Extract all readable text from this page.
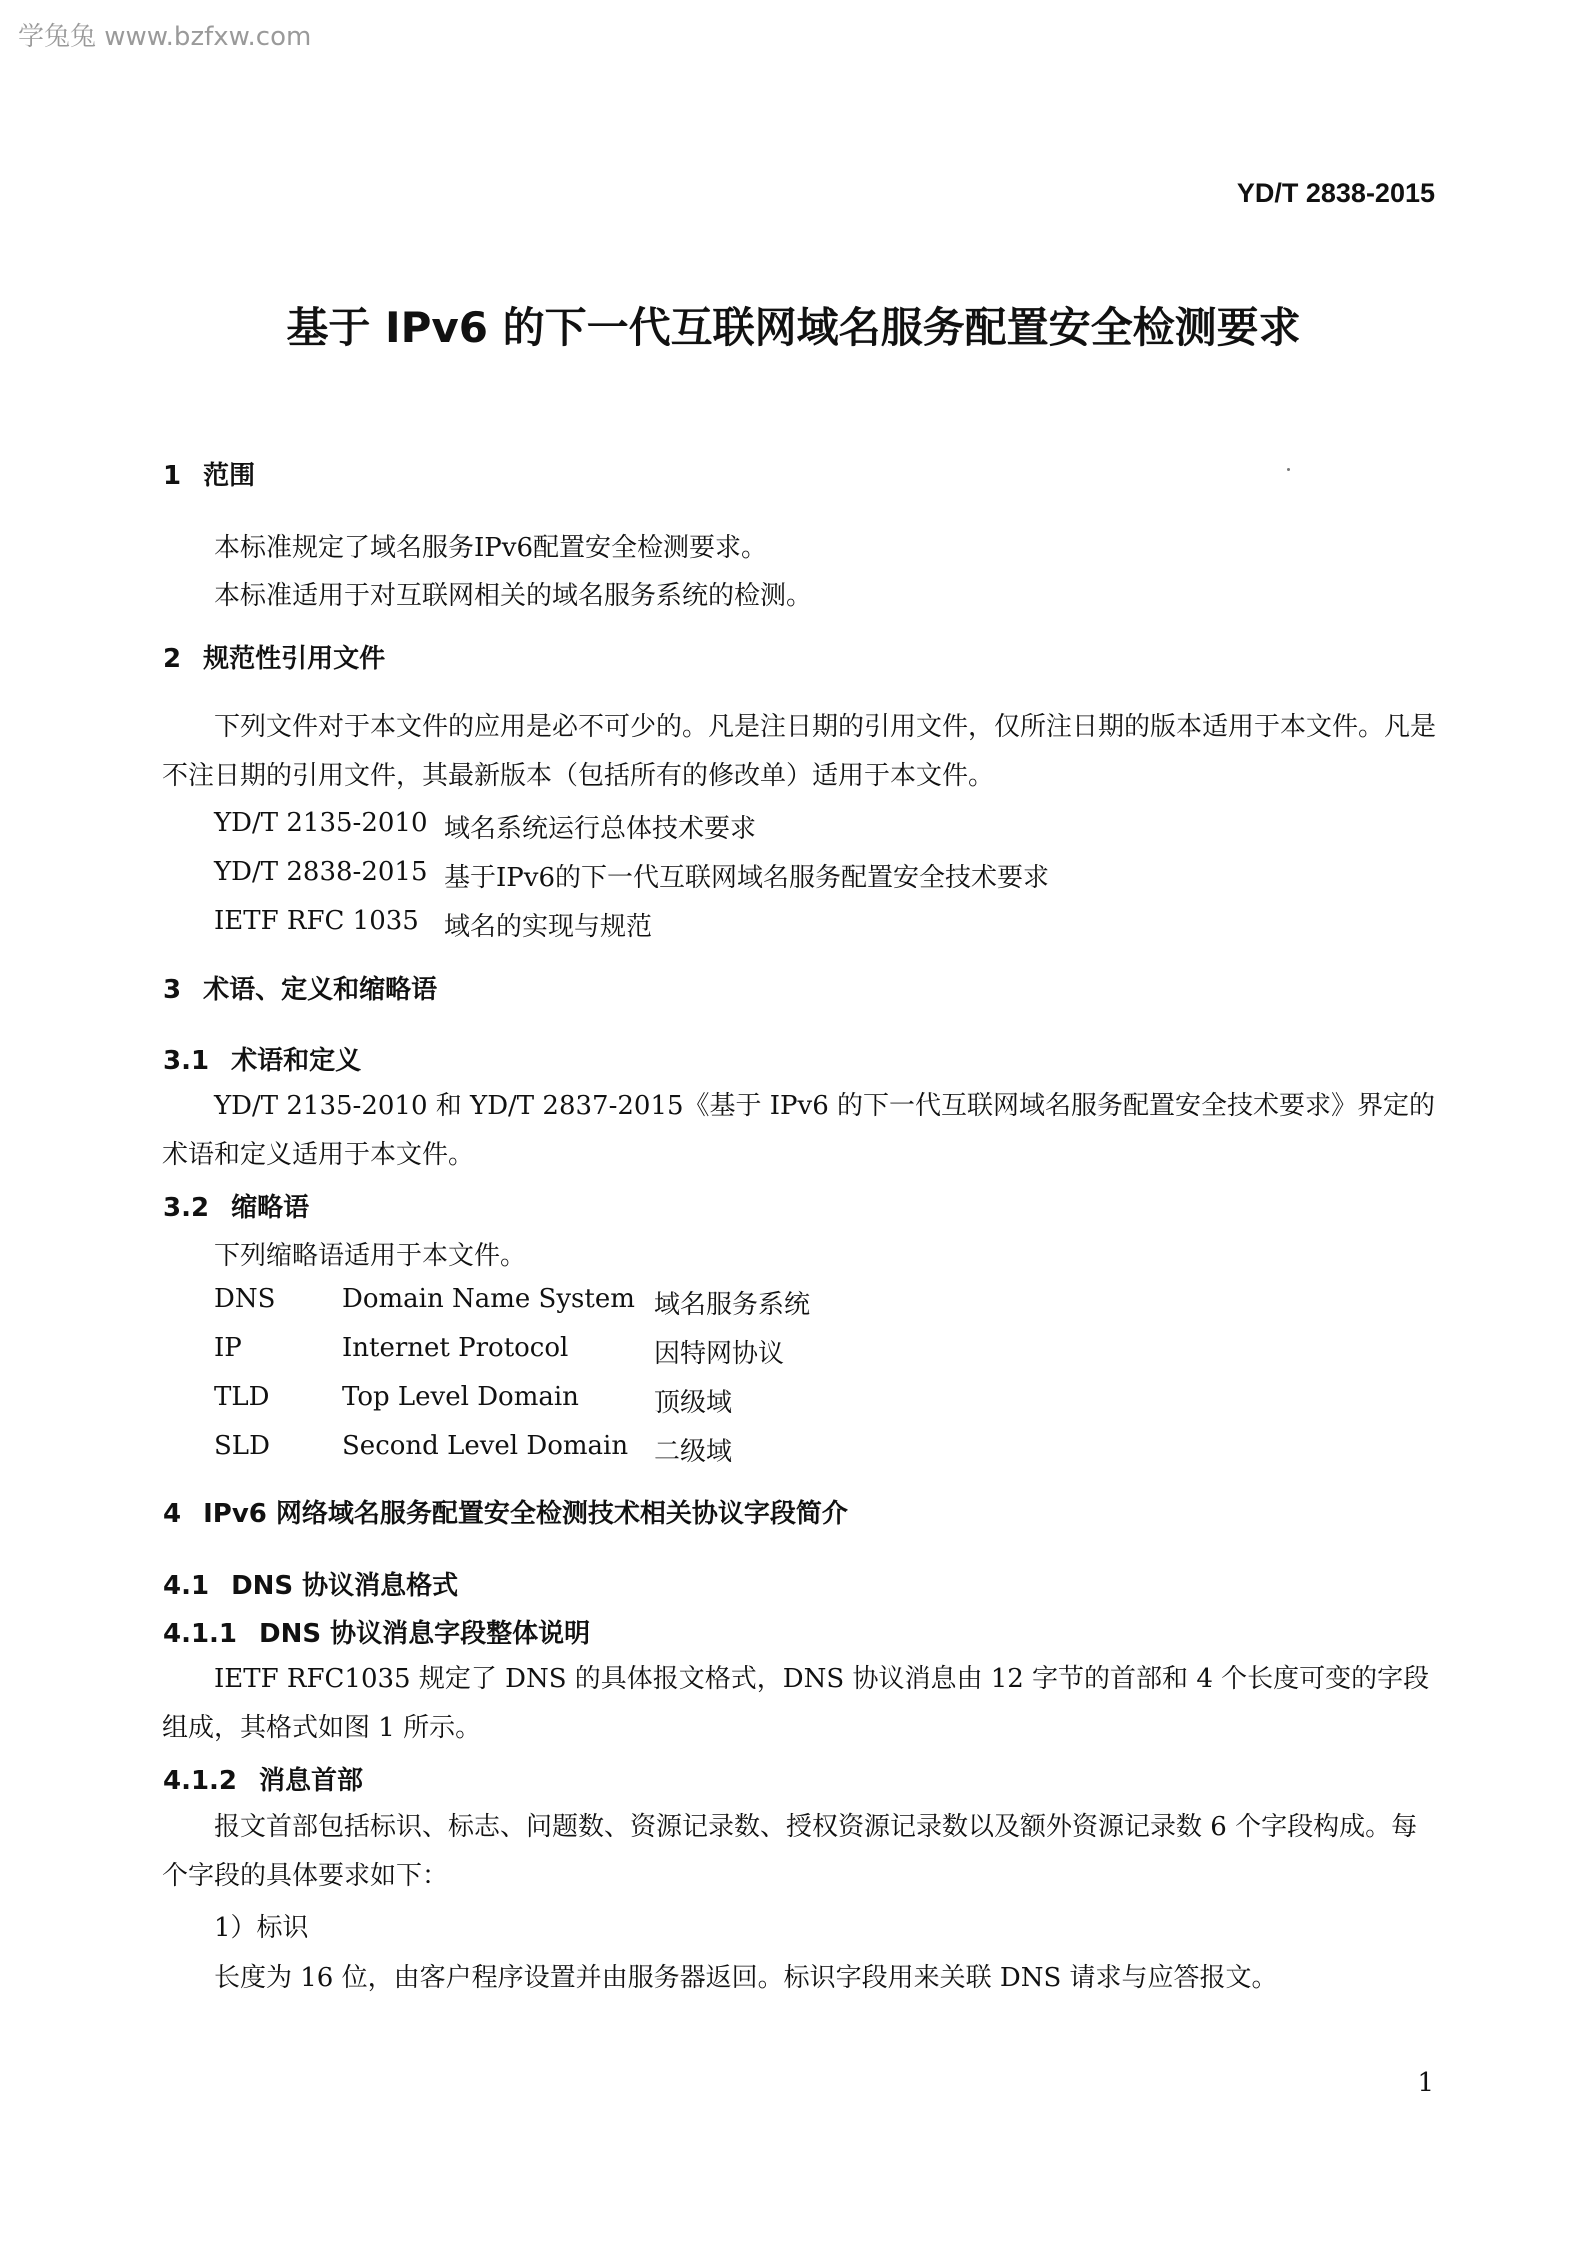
学兔兔 www.bzfxw.com
YD/T 2838-2015
基于 IPv6 的下一代互联网域名服务配置安全检测要求
1 范围
本标准规定了域名服务IPv6配置安全检测要求。
本标准适用于对互联网相关的域名服务系统的检测。
2 规范性引用文件
下列文件对于本文件的应用是必不可少的。凡是注日期的引用文件，仅所注日期的版本适用于本文件。凡是不注日期的引用文件，其最新版本（包括所有的修改单）适用于本文件。
YD/T 2135-2010 域名系统运行总体技术要求
YD/T 2838-2015 基于IPv6的下一代互联网域名服务配置安全技术要求
IETF RFC 1035 域名的实现与规范
3 术语、定义和缩略语
3.1 术语和定义
YD/T 2135-2010 和 YD/T 2837-2015《基于 IPv6 的下一代互联网域名服务配置安全技术要求》界定的术语和定义适用于本文件。
3.2 缩略语
下列缩略语适用于本文件。
DNS	Domain Name System 域名服务系统
IP	Internet Protocol	因特网协议
TLD	Top Level Domain	顶级域
SLD	Second Level Domain 二级域
4 IPv6 网络域名服务配置安全检测技术相关协议字段简介
4.1 DNS 协议消息格式
4.1.1 DNS 协议消息字段整体说明
IETF RFC1035 规定了 DNS 的具体报文格式，DNS 协议消息由 12 字节的首部和 4 个长度可变的字段组成，其格式如图 1 所示。
4.1.2 消息首部
报文首部包括标识、标志、问题数、资源记录数、授权资源记录数以及额外资源记录数 6 个字段构成。每个字段的具体要求如下：
1）标识
长度为 16 位，由客户程序设置并由服务器返回。标识字段用来关联 DNS 请求与应答报文。
1
